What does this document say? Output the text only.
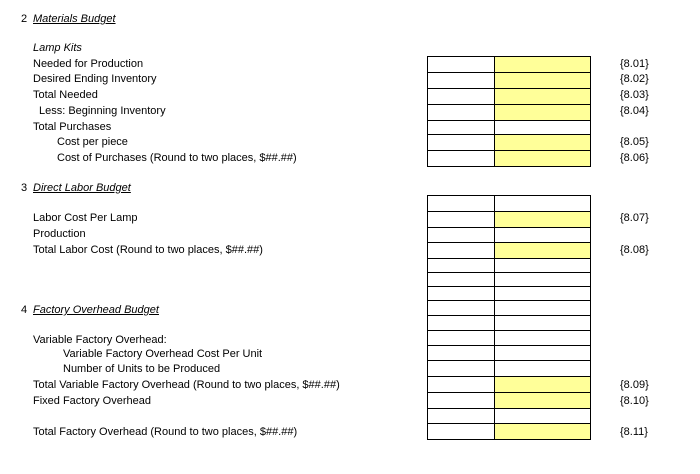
2 Materials Budget
Lamp Kits
Needed for Production
Desired Ending Inventory
Total Needed
Less: Beginning Inventory
Total Purchases
Cost per piece
Cost of Purchases (Round to two places, $##.##)
{8.01}
{8.02}
{8.03}
{8.04}
{8.05}
{8.06}
3 Direct Labor Budget
Labor Cost Per Lamp
Production
Total Labor Cost (Round to two places, $##.##)
{8.07}
{8.08}
4 Factory Overhead Budget
Variable Factory Overhead:
Variable Factory Overhead Cost Per Unit
Number of Units to be Produced
Total Variable Factory Overhead (Round to two places, $##.##)
Fixed Factory Overhead
Total Factory Overhead (Round to two places, $##.##)
{8.09}
{8.10}
{8.11}
